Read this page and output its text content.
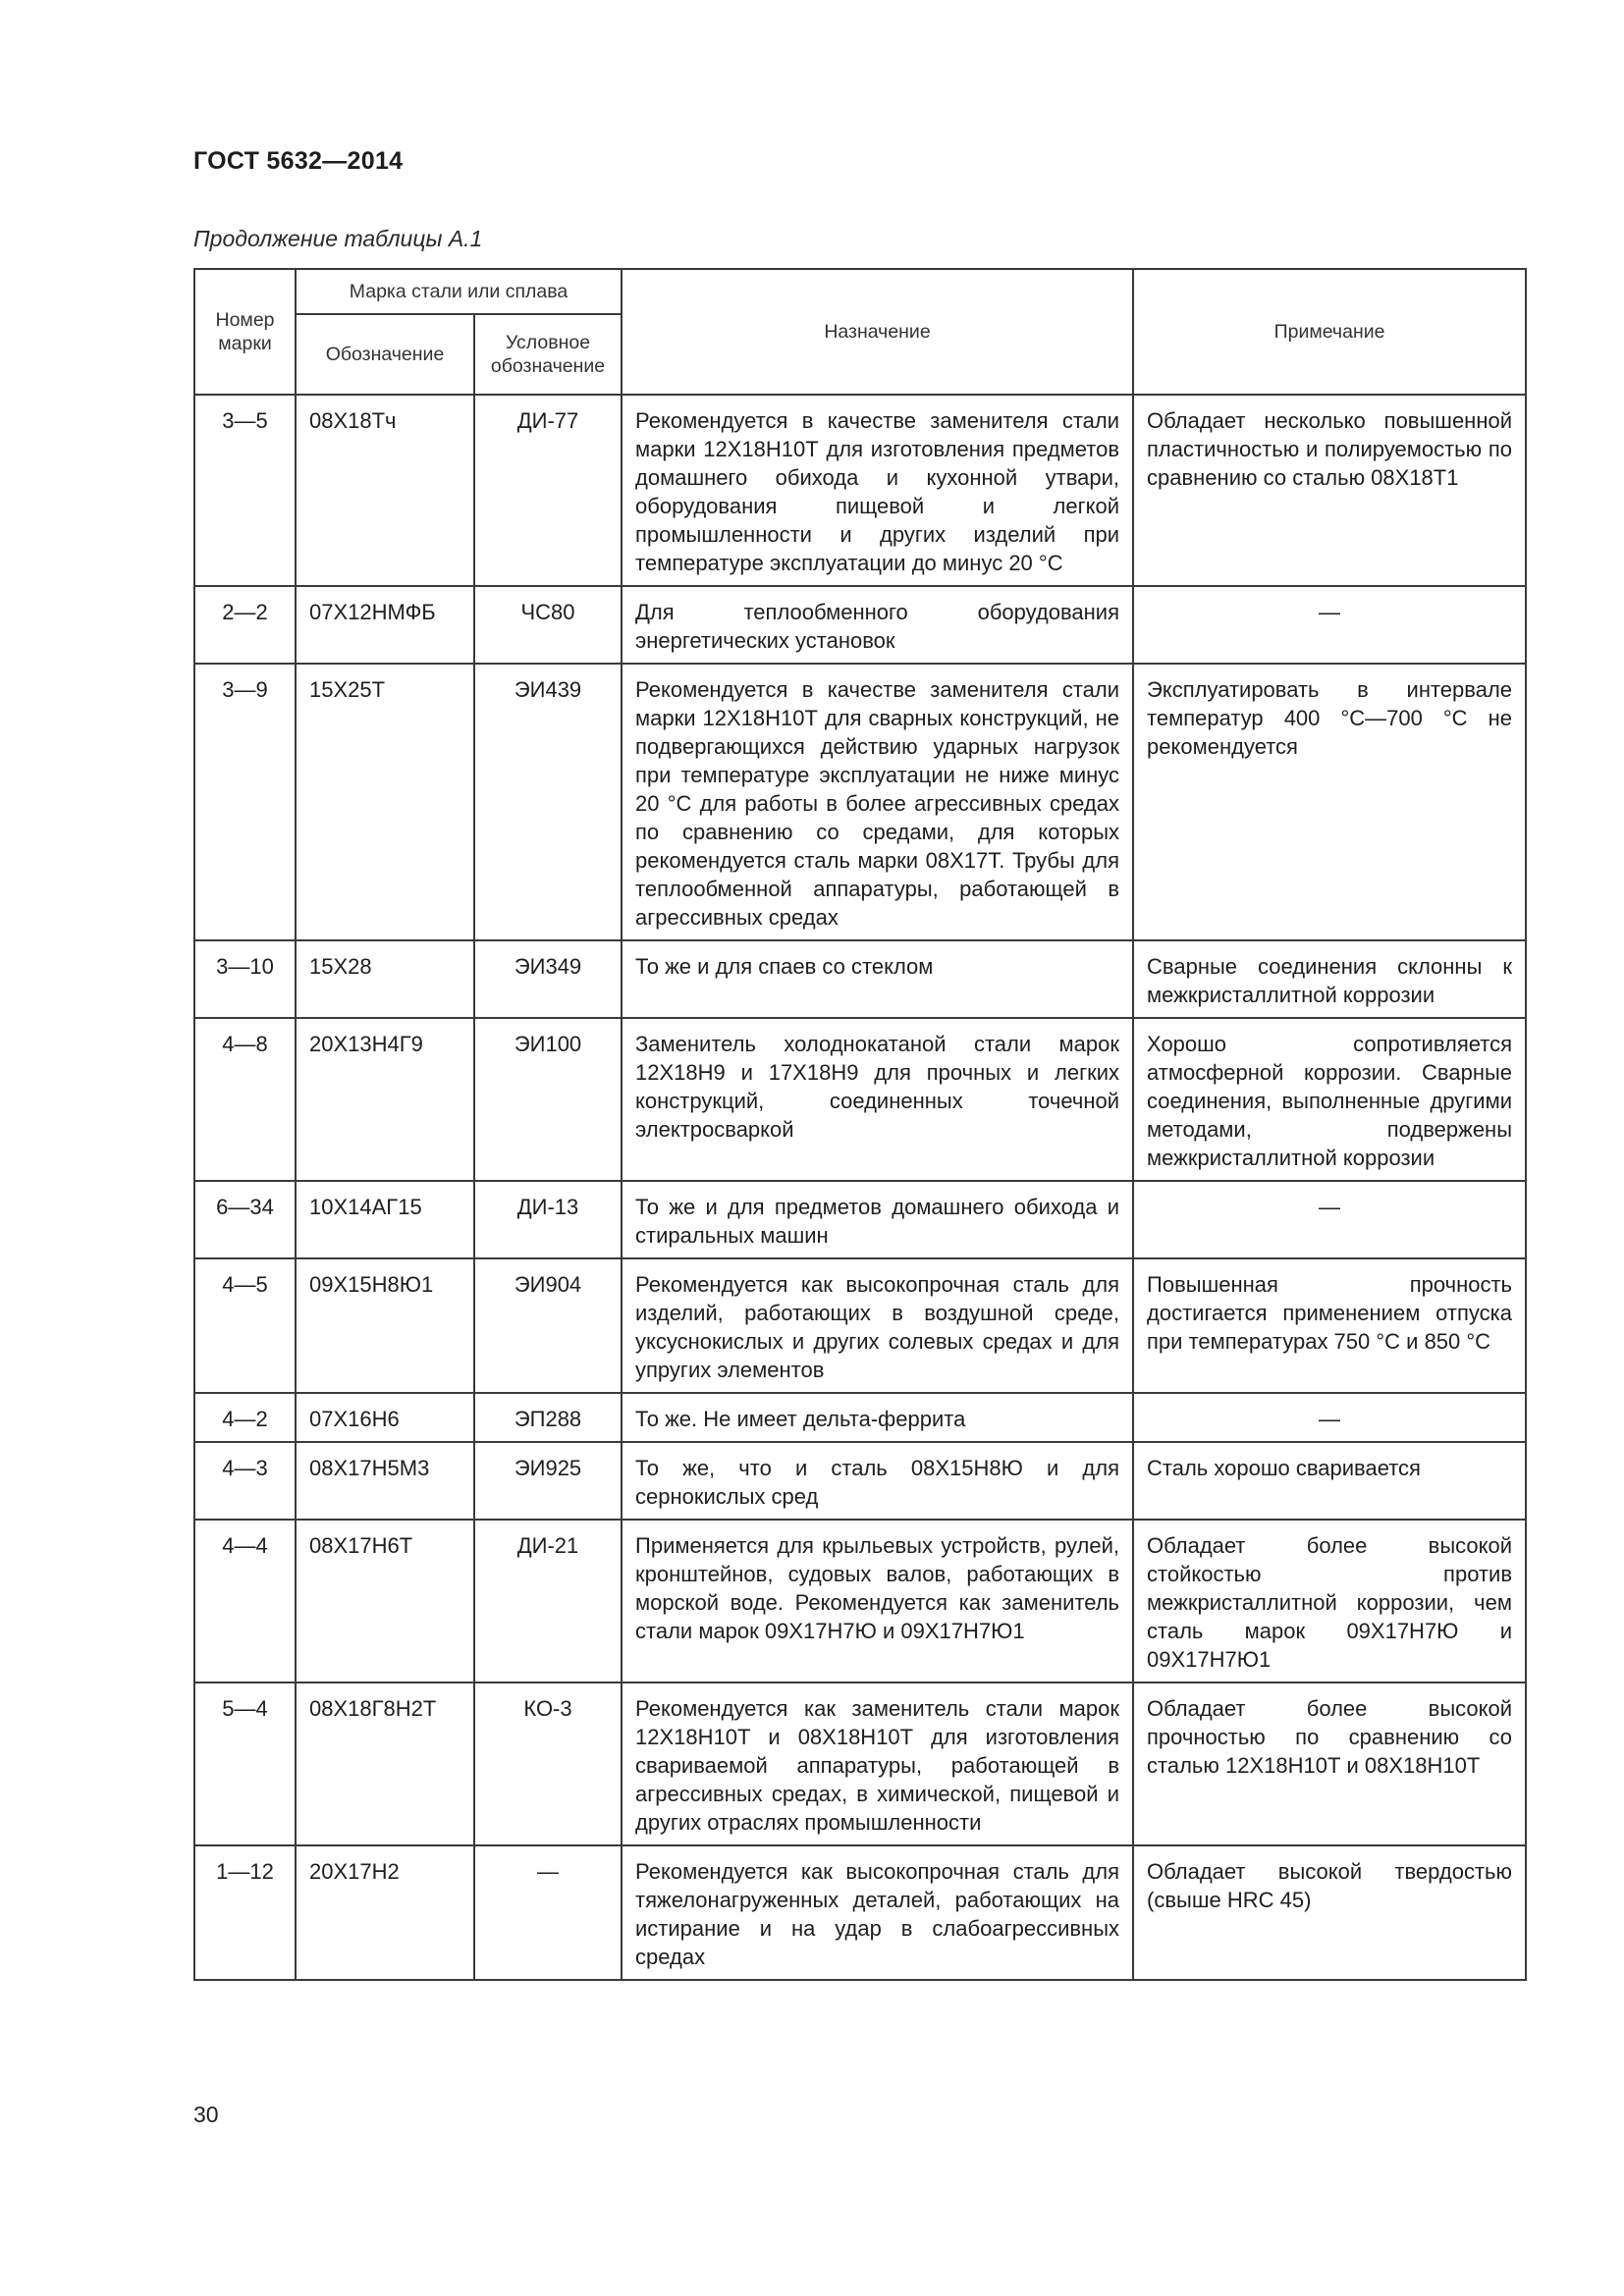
ГОСТ 5632—2014
Продолжение таблицы А.1
Номер марки	Марка стали или сплава		Назначение	Примечание
	Обозначение	Условное обозначение		
3—5	08Х18Тч	ДИ-77	Рекомендуется в качестве заменителя стали марки 12Х18Н10Т для изготовления предметов домашнего обихода и кухонной утвари, оборудования пищевой и легкой промышленности и других изделий при температуре эксплуатации до минус 20 °С	Обладает несколько повышенной пластичностью и полируемостью по сравнению со сталью 08Х18Т1
2—2	07Х12НМФБ	ЧС80	Для теплообменного оборудования энергетических установок	—
3—9	15Х25Т	ЭИ439	Рекомендуется в качестве заменителя стали марки 12Х18Н10Т для сварных конструкций, не подвергающихся действию ударных нагрузок при температуре эксплуатации не ниже минус 20 °С для работы в более агрессивных средах по сравнению со средами, для которых рекомендуется сталь марки 08Х17Т. Трубы для теплообменной аппаратуры, работающей в агрессивных средах	Эксплуатировать в интервале температур 400 °С—700 °С не рекомендуется
3—10	15Х28	ЭИ349	То же и для спаев со стеклом	Сварные соединения склонны к межкристаллитной коррозии
4—8	20Х13Н4Г9	ЭИ100	Заменитель холоднокатаной стали марок 12Х18Н9 и 17Х18Н9 для прочных и легких конструкций, соединенных точечной электросваркой	Хорошо сопротивляется атмосферной коррозии. Сварные соединения, выполненные другими методами, подвержены межкристаллитной коррозии
6—34	10Х14АГ15	ДИ-13	То же и для предметов домашнего обихода и стиральных машин	—
4—5	09Х15Н8Ю1	ЭИ904	Рекомендуется как высокопрочная сталь для изделий, работающих в воздушной среде, уксуснокислых и других солевых средах и для упругих элементов	Повышенная прочность достигается применением отпуска при температурах 750 °С и 850 °С
4—2	07Х16Н6	ЭП288	То же. Не имеет дельта-феррита	—
4—3	08Х17Н5М3	ЭИ925	То же, что и сталь 08Х15Н8Ю и для сернокислых сред	Сталь хорошо сваривается
4—4	08Х17Н6Т	ДИ-21	Применяется для крыльевых устройств, рулей, кронштейнов, судовых валов, работающих в морской воде. Рекомендуется как заменитель стали марок 09Х17Н7Ю и 09Х17Н7Ю1	Обладает более высокой стойкостью против межкристаллитной коррозии, чем сталь марок 09Х17Н7Ю и 09Х17Н7Ю1
5—4	08Х18Г8Н2Т	КО-3	Рекомендуется как заменитель стали марок 12Х18Н10Т и 08Х18Н10Т для изготовления свариваемой аппаратуры, работающей в агрессивных средах, в химической, пищевой и других отраслях промышленности	Обладает более высокой прочностью по сравнению со сталью 12Х18Н10Т и 08Х18Н10Т
1—12	20Х17Н2	—	Рекомендуется как высокопрочная сталь для тяжелонагруженных деталей, работающих на истирание и на удар в слабоагрессивных средах	Обладает высокой твердостью (свыше HRC 45)
30
